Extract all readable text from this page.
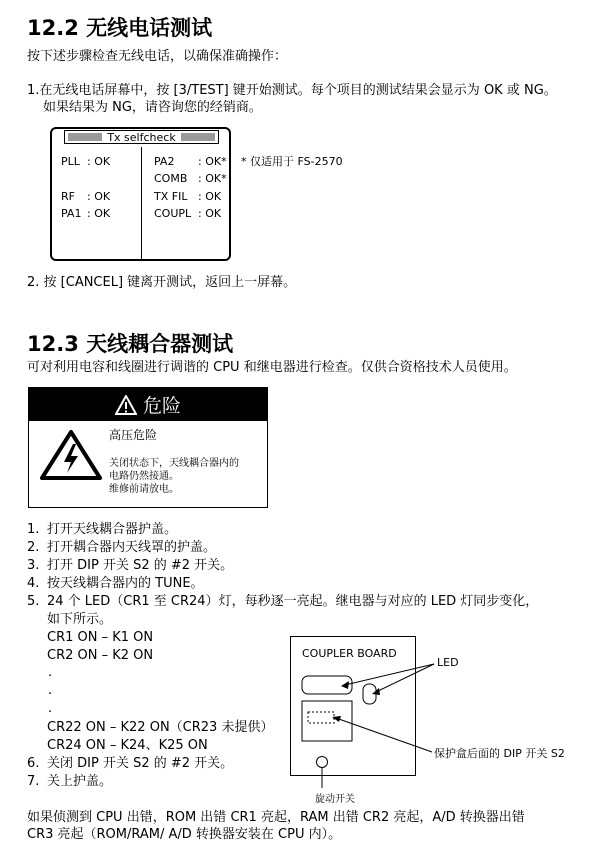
12.2 无线电话测试
按下述步骤检查无线电话，以确保准确操作：
1.在无线电话屏幕中，按 [3/TEST] 键开始测试。每个项目的测试结果会显示为 OK 或 NG。
如果结果为 NG，请咨询您的经销商。
Tx selfcheck
PLL : OK
RF : OK
PA1 : OK
PA2 : OK*
COMB : OK*
TX FIL : OK
COUPL : OK
* 仅适用于 FS-2570
2. 按 [CANCEL] 键离开测试，返回上一屏幕。
12.3 天线耦合器测试
可对利用电容和线圈进行调谐的 CPU 和继电器进行检查。仅供合资格技术人员使用。
危险
高压危险
关闭状态下，天线耦合器内的
电路仍然接通。
维修前请放电。
1. 打开天线耦合器护盖。
2. 打开耦合器内天线罩的护盖。
3. 打开 DIP 开关 S2 的 #2 开关。
4. 按天线耦合器内的 TUNE。
5. 24 个 LED（CR1 至 CR24）灯，每秒逐一亮起。继电器与对应的 LED 灯同步变化，
如下所示。
CR1 ON – K1 ON
CR2 ON – K2 ON
.
.
.
CR22 ON – K22 ON（CR23 未提供）
CR24 ON – K24、K25 ON
6. 关闭 DIP 开关 S2 的 #2 开关。
7. 关上护盖。
COUPLER BOARD
LED
保护盒后面的 DIP 开关 S2
旋动开关
如果侦测到 CPU 出错，ROM 出错 CR1 亮起，RAM 出错 CR2 亮起，A/D 转换器出错
CR3 亮起（ROM/RAM/ A/D 转换器安装在 CPU 内）。
